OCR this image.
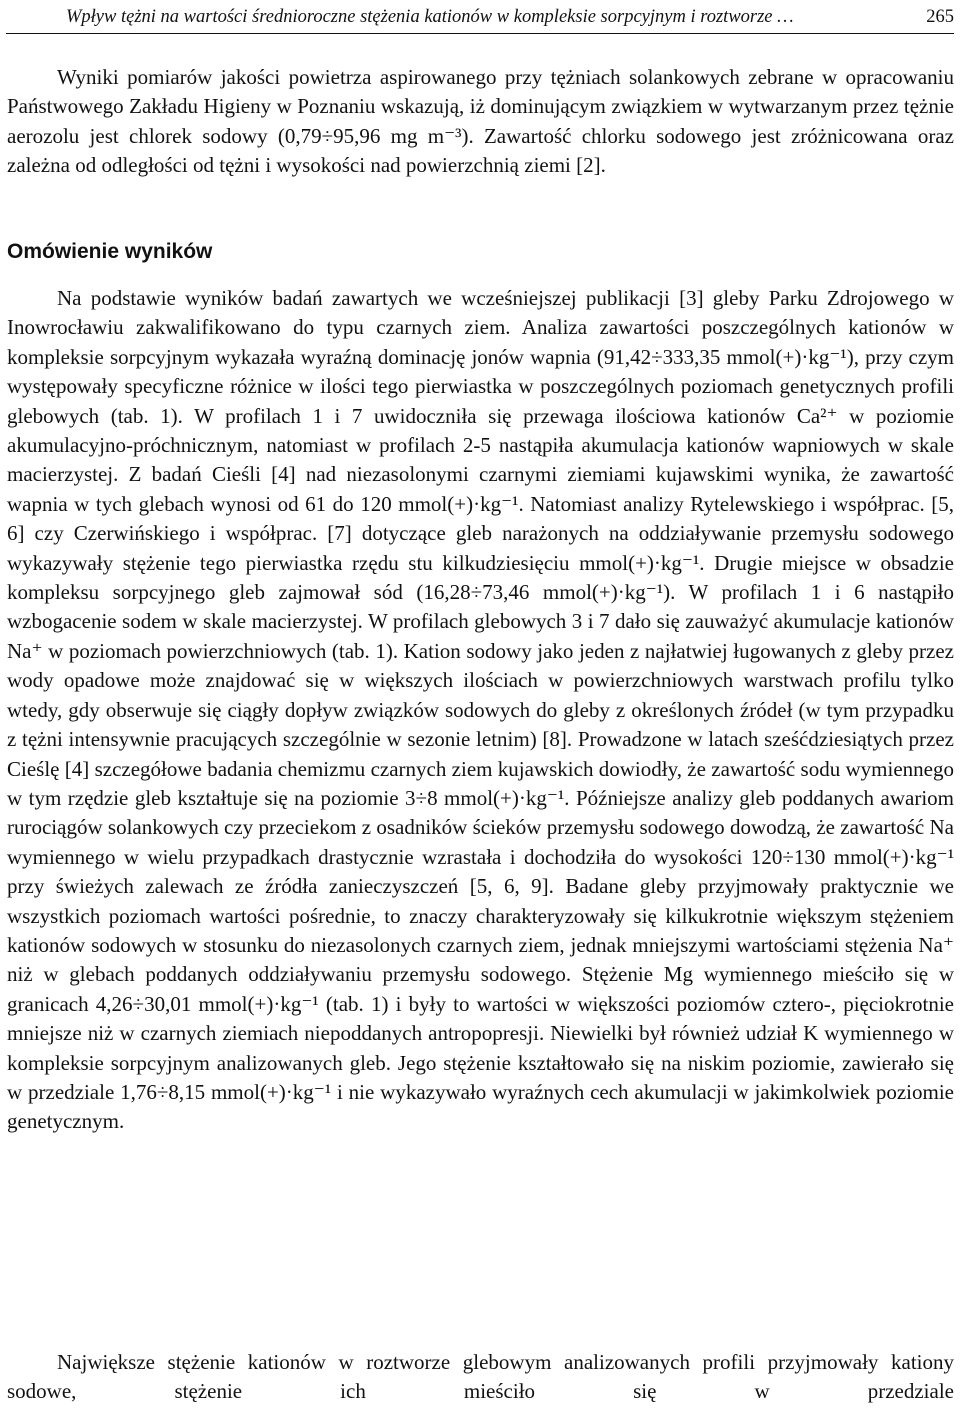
Wpływ tężni na wartości średnioroczne stężenia kationów w kompleksie sorpcyjnym i roztworze …	265

Wyniki pomiarów jakości powietrza aspirowanego przy tężniach solankowych zebrane w opracowaniu Państwowego Zakładu Higieny w Poznaniu wskazują, iż dominującym związkiem w wytwarzanym przez tężnie aerozolu jest chlorek sodowy (0,79÷95,96 mg m⁻³). Zawartość chlorku sodowego jest zróżnicowana oraz zależna od odległości od tężni i wysokości nad powierzchnią ziemi [2].

Omówienie wyników

Na podstawie wyników badań zawartych we wcześniejszej publikacji [3] gleby Parku Zdrojowego w Inowrocławiu zakwalifikowano do typu czarnych ziem. Analiza zawartości poszczególnych kationów w kompleksie sorpcyjnym wykazała wyraźną dominację jonów wapnia (91,42÷333,35 mmol(+)·kg⁻¹), przy czym występowały specyficzne różnice w ilości tego pierwiastka w poszczególnych poziomach genetycznych profili glebowych (tab. 1). W profilach 1 i 7 uwidoczniła się przewaga ilościowa kationów Ca²⁺ w poziomie akumulacyjno-próchnicznym, natomiast w profilach 2-5 nastąpiła akumulacja kationów wapniowych w skale macierzystej. Z badań Cieśli [4] nad niezasolonymi czarnymi ziemiami kujawskimi wynika, że zawartość wapnia w tych glebach wynosi od 61 do 120 mmol(+)·kg⁻¹. Natomiast analizy Rytelewskiego i współprac. [5, 6] czy Czerwińskiego i współprac. [7] dotyczące gleb narażonych na oddziaływanie przemysłu sodowego wykazywały stężenie tego pierwiastka rzędu stu kilkudziesięciu mmol(+)·kg⁻¹. Drugie miejsce w obsadzie kompleksu sorpcyjnego gleb zajmował sód (16,28÷73,46 mmol(+)·kg⁻¹). W profilach 1 i 6 nastąpiło wzbogacenie sodem w skale macierzystej. W profilach glebowych 3 i 7 dało się zauważyć akumulacje kationów Na⁺ w poziomach powierzchniowych (tab. 1). Kation sodowy jako jeden z najłatwiej ługowanych z gleby przez wody opadowe może znajdować się w większych ilościach w powierzchniowych warstwach profilu tylko wtedy, gdy obserwuje się ciągły dopływ związków sodowych do gleby z określonych źródeł (w tym przypadku z tężni intensywnie pracujących szczególnie w sezonie letnim) [8]. Prowadzone w latach sześćdziesiątych przez Cieślę [4] szczegółowe badania chemizmu czarnych ziem kujawskich dowiodły, że zawartość sodu wymiennego w tym rzędzie gleb kształtuje się na poziomie 3÷8 mmol(+)·kg⁻¹. Późniejsze analizy gleb poddanych awariom rurociągów solankowych czy przeciekom z osadników ścieków przemysłu sodowego dowodzą, że zawartość Na wymiennego w wielu przypadkach drastycznie wzrastała i dochodziła do wysokości 120÷130 mmol(+)·kg⁻¹ przy świeżych zalewach ze źródła zanieczyszczeń [5, 6, 9]. Badane gleby przyjmowały praktycznie we wszystkich poziomach wartości pośrednie, to znaczy charakteryzowały się kilkukrotnie większym stężeniem kationów sodowych w stosunku do niezasolonych czarnych ziem, jednak mniejszymi wartościami stężenia Na⁺ niż w glebach poddanych oddziaływaniu przemysłu sodowego. Stężenie Mg wymiennego mieściło się w granicach 4,26÷30,01 mmol(+)·kg⁻¹ (tab. 1) i były to wartości w większości poziomów cztero-, pięciokrotnie mniejsze niż w czarnych ziemiach niepoddanych antropopresji. Niewielki był również udział K wymiennego w kompleksie sorpcyjnym analizowanych gleb. Jego stężenie kształtowało się na niskim poziomie, zawierało się w przedziale 1,76÷8,15 mmol(+)·kg⁻¹ i nie wykazywało wyraźnych cech akumulacji w jakimkolwiek poziomie genetycznym.

Największe stężenie kationów w roztworze glebowym analizowanych profili przyjmowały kationy sodowe, stężenie ich mieściło się w przedziale
